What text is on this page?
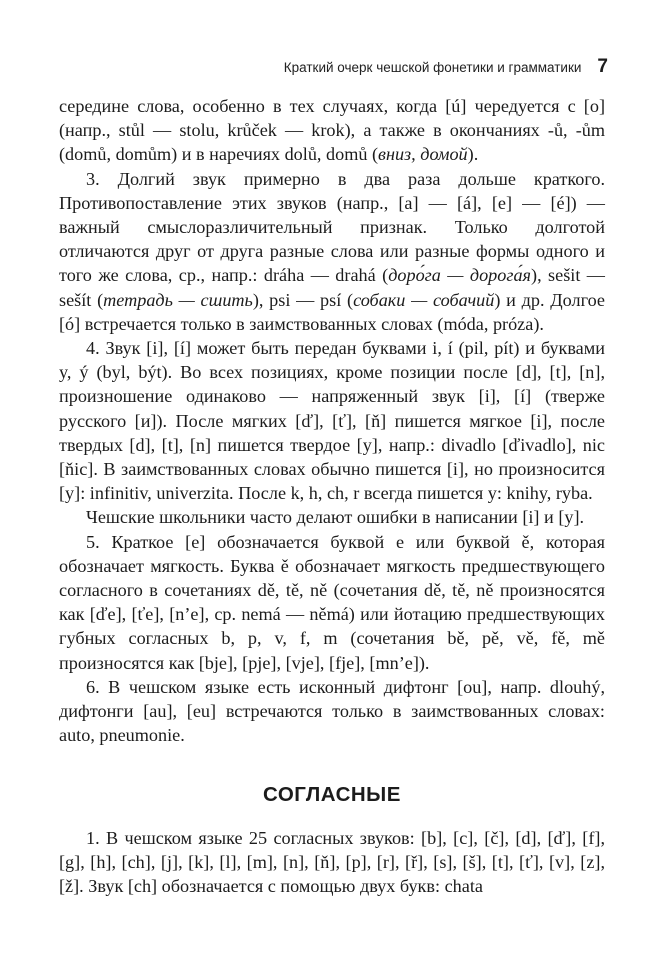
Краткий очерк чешской фонетики и грамматики 7

середине слова, особенно в тех случаях, когда [ú] чередуется с [o] (напр., stůl — stolu, krůček — krok), а также в окончаниях -ů, -ům (domů, domům) и в наречиях dolů, domů (вниз, домой).

3. Долгий звук примерно в два раза дольше краткого. Противопоставление этих звуков (напр., [a] — [á], [e] — [é]) — важный смыслоразличительный признак. Только долготой отличаются друг от друга разные слова или разные формы одного и того же слова, ср., напр.: dráha — drahá (доро́га — дорога́я), sešit — sešít (тетрадь — сшить), psi — psí (собаки — собачий) и др. Долгое [ó] встречается только в заимствованных словах (móda, próza).

4. Звук [i], [í] может быть передан буквами i, í (pil, pít) и буквами y, ý (byl, být). Во всех позициях, кроме позиции после [d], [t], [n], произношение одинаково — напряженный звук [i], [í] (тверже русского [и]). После мягких [ď], [ť], [ň] пишется мягкое [i], после твердых [d], [t], [n] пишется твердое [y], напр.: divadlo [ďivadlo], nic [ňic]. В заимствованных словах обычно пишется [i], но произносится [y]: infinitiv, univerzita. После k, h, ch, r всегда пишется y: knihy, ryba.

Чешские школьники часто делают ошибки в написании [i] и [y].

5. Краткое [e] обозначается буквой e или буквой ě, которая обозначает мягкость. Буква ě обозначает мягкость предшествующего согласного в сочетаниях dě, tě, ně (сочетания dě, tě, ně произносятся как [ďe], [ťe], [n’e], ср. nemá — němá) или йотацию предшествующих губных согласных b, p, v, f, m (сочетания bě, pě, vě, fě, mě произносятся как [bje], [pje], [vje], [fje], [mn’e]).

6. В чешском языке есть исконный дифтонг [ou], напр. dlouhý, дифтонги [au], [eu] встречаются только в заимствованных словах: auto, pneumonie.

СОГЛАСНЫЕ

1. В чешском языке 25 согласных звуков: [b], [c], [č], [d], [ď], [f], [g], [h], [ch], [j], [k], [l], [m], [n], [ň], [p], [r], [ř], [s], [š], [t], [ť], [v], [z], [ž]. Звук [ch] обозначается с помощью двух букв: chata
